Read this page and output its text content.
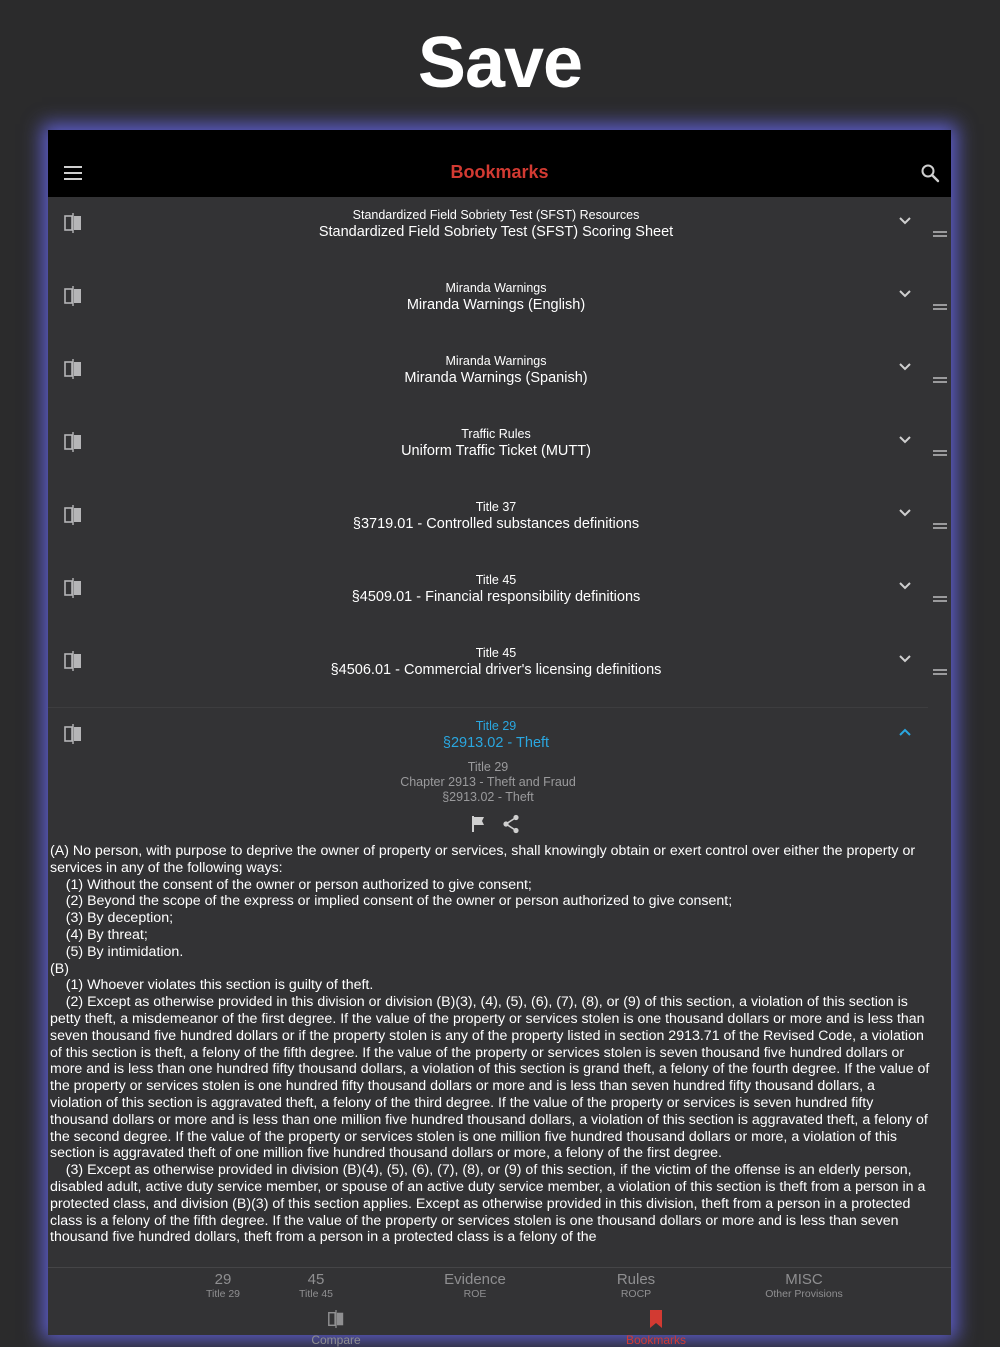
Save
Bookmarks
Standardized Field Sobriety Test (SFST) Resources
Standardized Field Sobriety Test (SFST) Scoring Sheet
Miranda Warnings
Miranda Warnings (English)
Miranda Warnings
Miranda Warnings (Spanish)
Traffic Rules
Uniform Traffic Ticket (MUTT)
Title 37
§3719.01 - Controlled substances definitions
Title 45
§4509.01 - Financial responsibility definitions
Title 45
§4506.01 - Commercial driver's licensing definitions
Title 29
§2913.02 - Theft
Title 29
Chapter 2913 - Theft and Fraud
§2913.02 - Theft
(A) No person, with purpose to deprive the owner of property or services, shall knowingly obtain or exert control over either the property or services in any of the following ways:
(1) Without the consent of the owner or person authorized to give consent;
(2) Beyond the scope of the express or implied consent of the owner or person authorized to give consent;
(3) By deception;
(4) By threat;
(5) By intimidation.
(B)
(1) Whoever violates this section is guilty of theft.
(2) Except as otherwise provided in this division or division (B)(3), (4), (5), (6), (7), (8), or (9) of this section, a violation of this section is petty theft, a misdemeanor of the first degree. If the value of the property or services stolen is one thousand dollars or more and is less than seven thousand five hundred dollars or if the property stolen is any of the property listed in section 2913.71 of the Revised Code, a violation of this section is theft, a felony of the fifth degree. If the value of the property or services stolen is seven thousand five hundred dollars or more and is less than one hundred fifty thousand dollars, a violation of this section is grand theft, a felony of the fourth degree. If the value of the property or services stolen is one hundred fifty thousand dollars or more and is less than seven hundred fifty thousand dollars, a violation of this section is aggravated theft, a felony of the third degree. If the value of the property or services is seven hundred fifty thousand dollars or more and is less than one million five hundred thousand dollars, a violation of this section is aggravated theft, a felony of the second degree. If the value of the property or services stolen is one million five hundred thousand dollars or more, a violation of this section is aggravated theft of one million five hundred thousand dollars or more, a felony of the first degree.
(3) Except as otherwise provided in division (B)(4), (5), (6), (7), (8), or (9) of this section, if the victim of the offense is an elderly person, disabled adult, active duty service member, or spouse of an active duty service member, a violation of this section is theft from a person in a protected class, and division (B)(3) of this section applies. Except as otherwise provided in this division, theft from a person in a protected class is a felony of the fifth degree. If the value of the property or services stolen is one thousand dollars or more and is less than seven thousand five hundred dollars, theft from a person in a protected class is a felony of the
29
Title 29
45
Title 45
Evidence
ROE
Rules
ROCP
MISC
Other Provisions
Compare	Bookmarks
